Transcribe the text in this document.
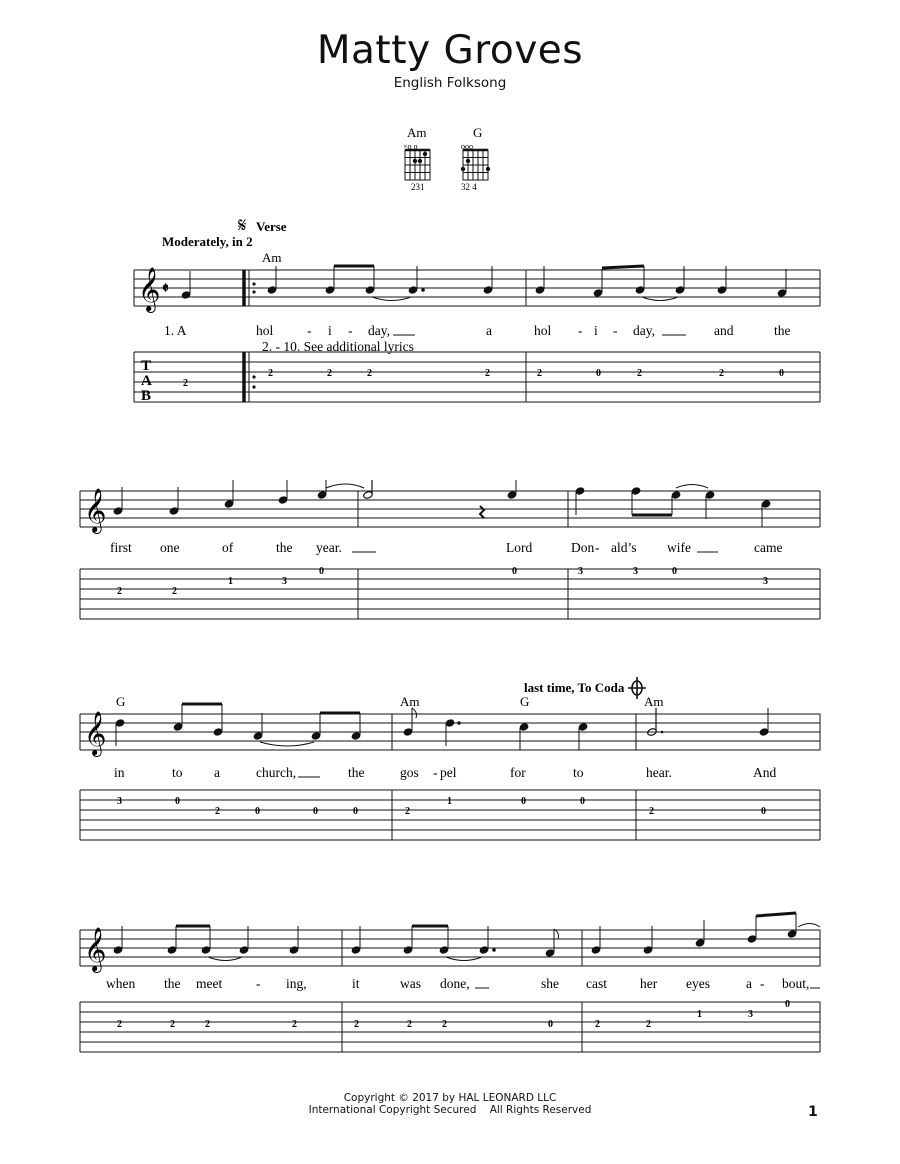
Matty Groves
English Folksong
Am
×o o
231
G
ooo
32 4
𝄋 Verse
Moderately, in 2
Am
𝄞 𝄵
1. A	hol - i - day,	a	hol - i - day,	and	the
2. - 10. See additional lyrics
T
A
B
2
2	2	2	2	2	0	2	2	0
𝄞
first one	of	the year.	Lord	Don - ald’s wife	came
2	2
1	3
0	0	3	3	0
3
last time, To Coda
G	Am	G	Am
𝄞
in	to a	church,	the	gos - pel	for	to	hear.	And
3	0
2	0	0	0	2
1	0	0
2	0
𝄞
when the meet	- ing,	it	was done,	she cast her eyes	a - bout,
2	2	2	2	2	2	2	0	2	2
1	3
0
Copyright © 2017 by HAL LEONARD LLC
International Copyright Secured    All Rights Reserved	1
